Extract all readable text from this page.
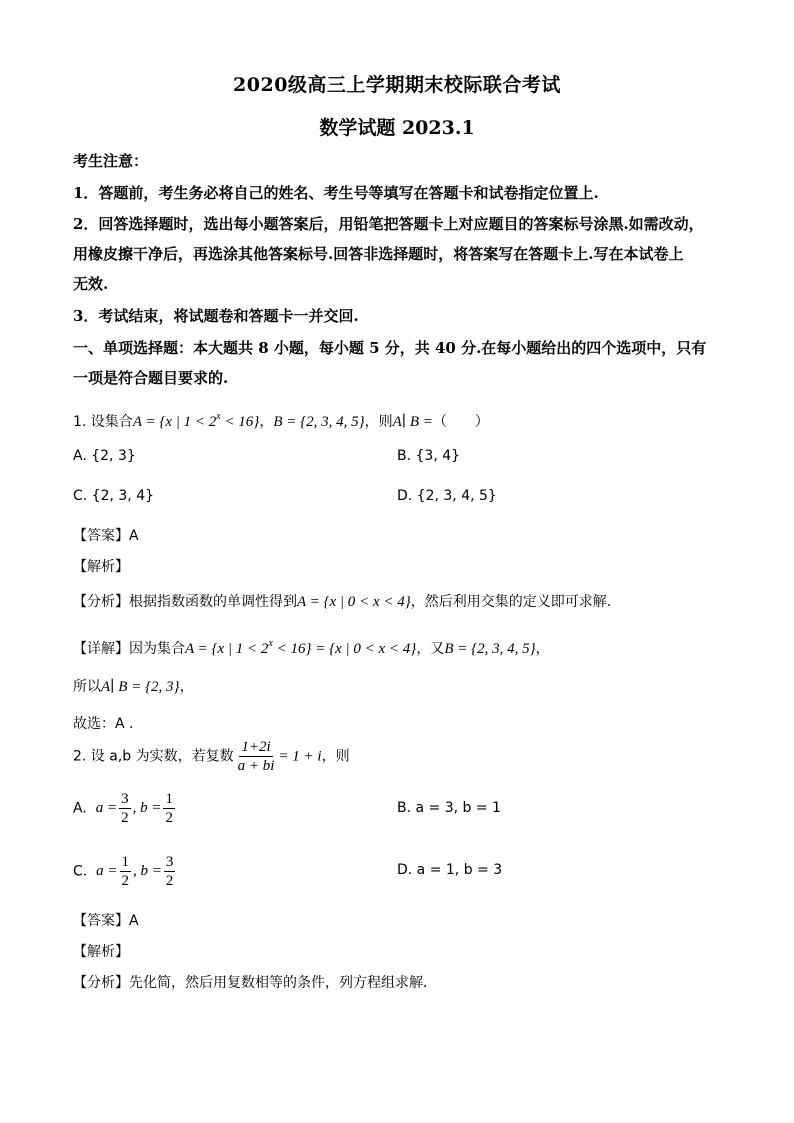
2020级高三上学期期末校际联合考试
数学试题 2023.1
考生注意：
1．答题前，考生务必将自己的姓名、考生号等填写在答题卡和试卷指定位置上.
2．回答选择题时，选出每小题答案后，用铅笔把答题卡上对应题目的答案标号涂黑.如需改动，
用橡皮擦干净后，再选涂其他答案标号.回答非选择题时，将答案写在答题卡上.写在本试卷上
无效.
3．考试结束，将试题卷和答题卡一并交回.
一、单项选择题：本大题共 8 小题，每小题 5 分，共 40 分.在每小题给出的四个选项中，只有
一项是符合题目要求的.
1. 设集合A = {x | $1 < 2^x < 16$}，B = {2, 3, 4, 5}，则A∣ B =（　　）
A. {2, 3}	B. {3, 4}
C. {2, 3, 4}	D. {2, 3, 4, 5}
【答案】A
【解析】
【分析】根据指数函数的单调性得到A = {x | 0 < x < 4}，然后利用交集的定义即可求解.
【详解】因为集合A = {x | $1 < 2^x < 16\} = \{x$ | 0 < x < 4}，又B = {2, 3, 4, 5}，
所以A∣ B = {2, 3}，
故选：A .
2. 设 a,b 为实数，若复数 $\frac{1+2i}{a + bi} = 1 + i$，则
A. $a = \frac{3}{2}$ , $b = \frac{1}{2}$	B. a = 3, b = 1
C. $a = \frac{1}{2}$ , $b = \frac{3}{2}$	D. a = 1, b = 3
【答案】A
【解析】
【分析】先化简，然后用复数相等的条件，列方程组求解．
